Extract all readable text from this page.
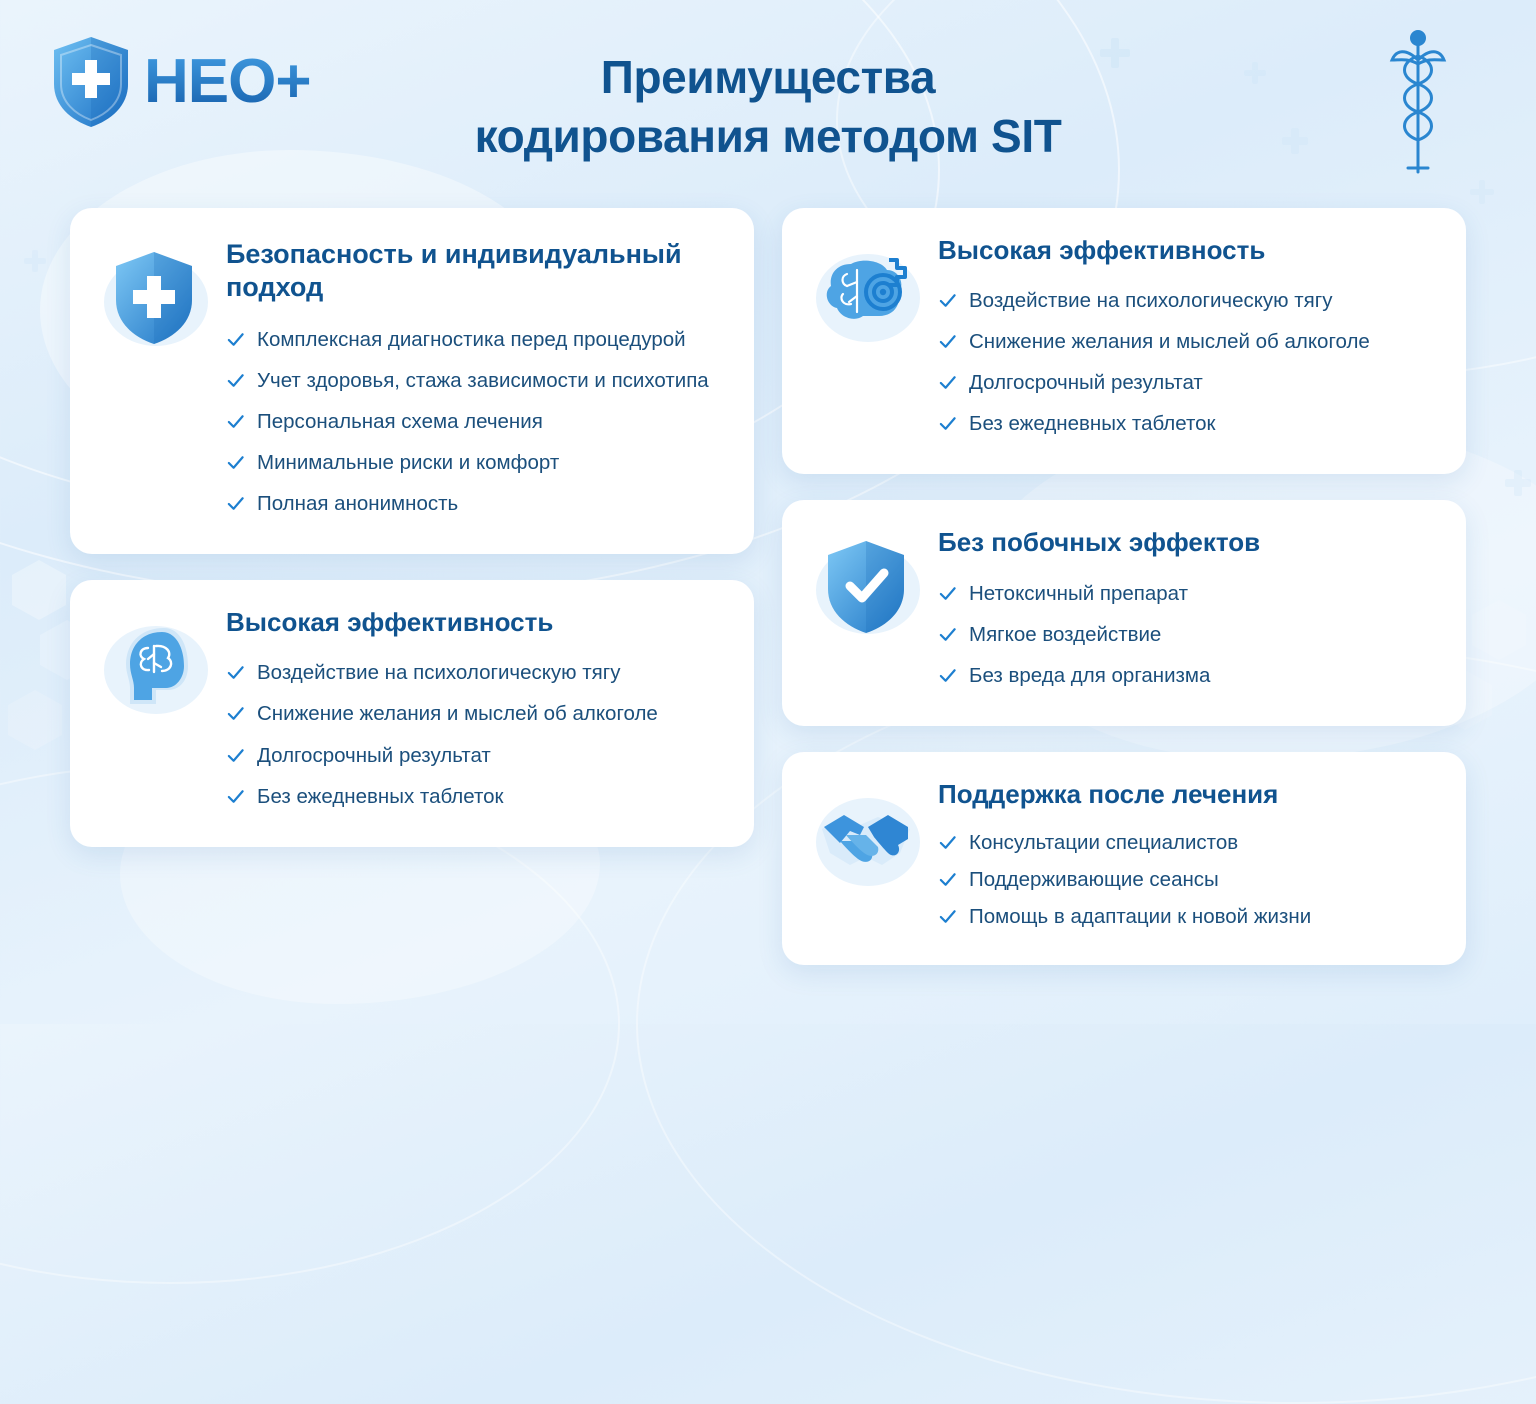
HEO+	Преимущества
кодирования методом SIT
Безопасность и индивидуальный подход
Комплексная диагностика перед процедурой
Учет здоровья, стажа зависимости и психотипа
Персональная схема лечения
Минимальные риски и комфорт
Полная анонимность
Высокая эффективность
Воздействие на психологическую тягу
Снижение желания и мыслей об алкоголе
Долгосрочный результат
Без ежедневных таблеток
Высокая эффективность
Воздействие на психологическую тягу
Снижение желания и мыслей об алкоголе
Долгосрочный результат
Без ежедневных таблеток
Без побочных эффектов
Нетоксичный препарат
Мягкое воздействие
Без вреда для организма
Поддержка после лечения
Консультации специалистов
Поддерживающие сеансы
Помощь в адаптации к новой жизни
